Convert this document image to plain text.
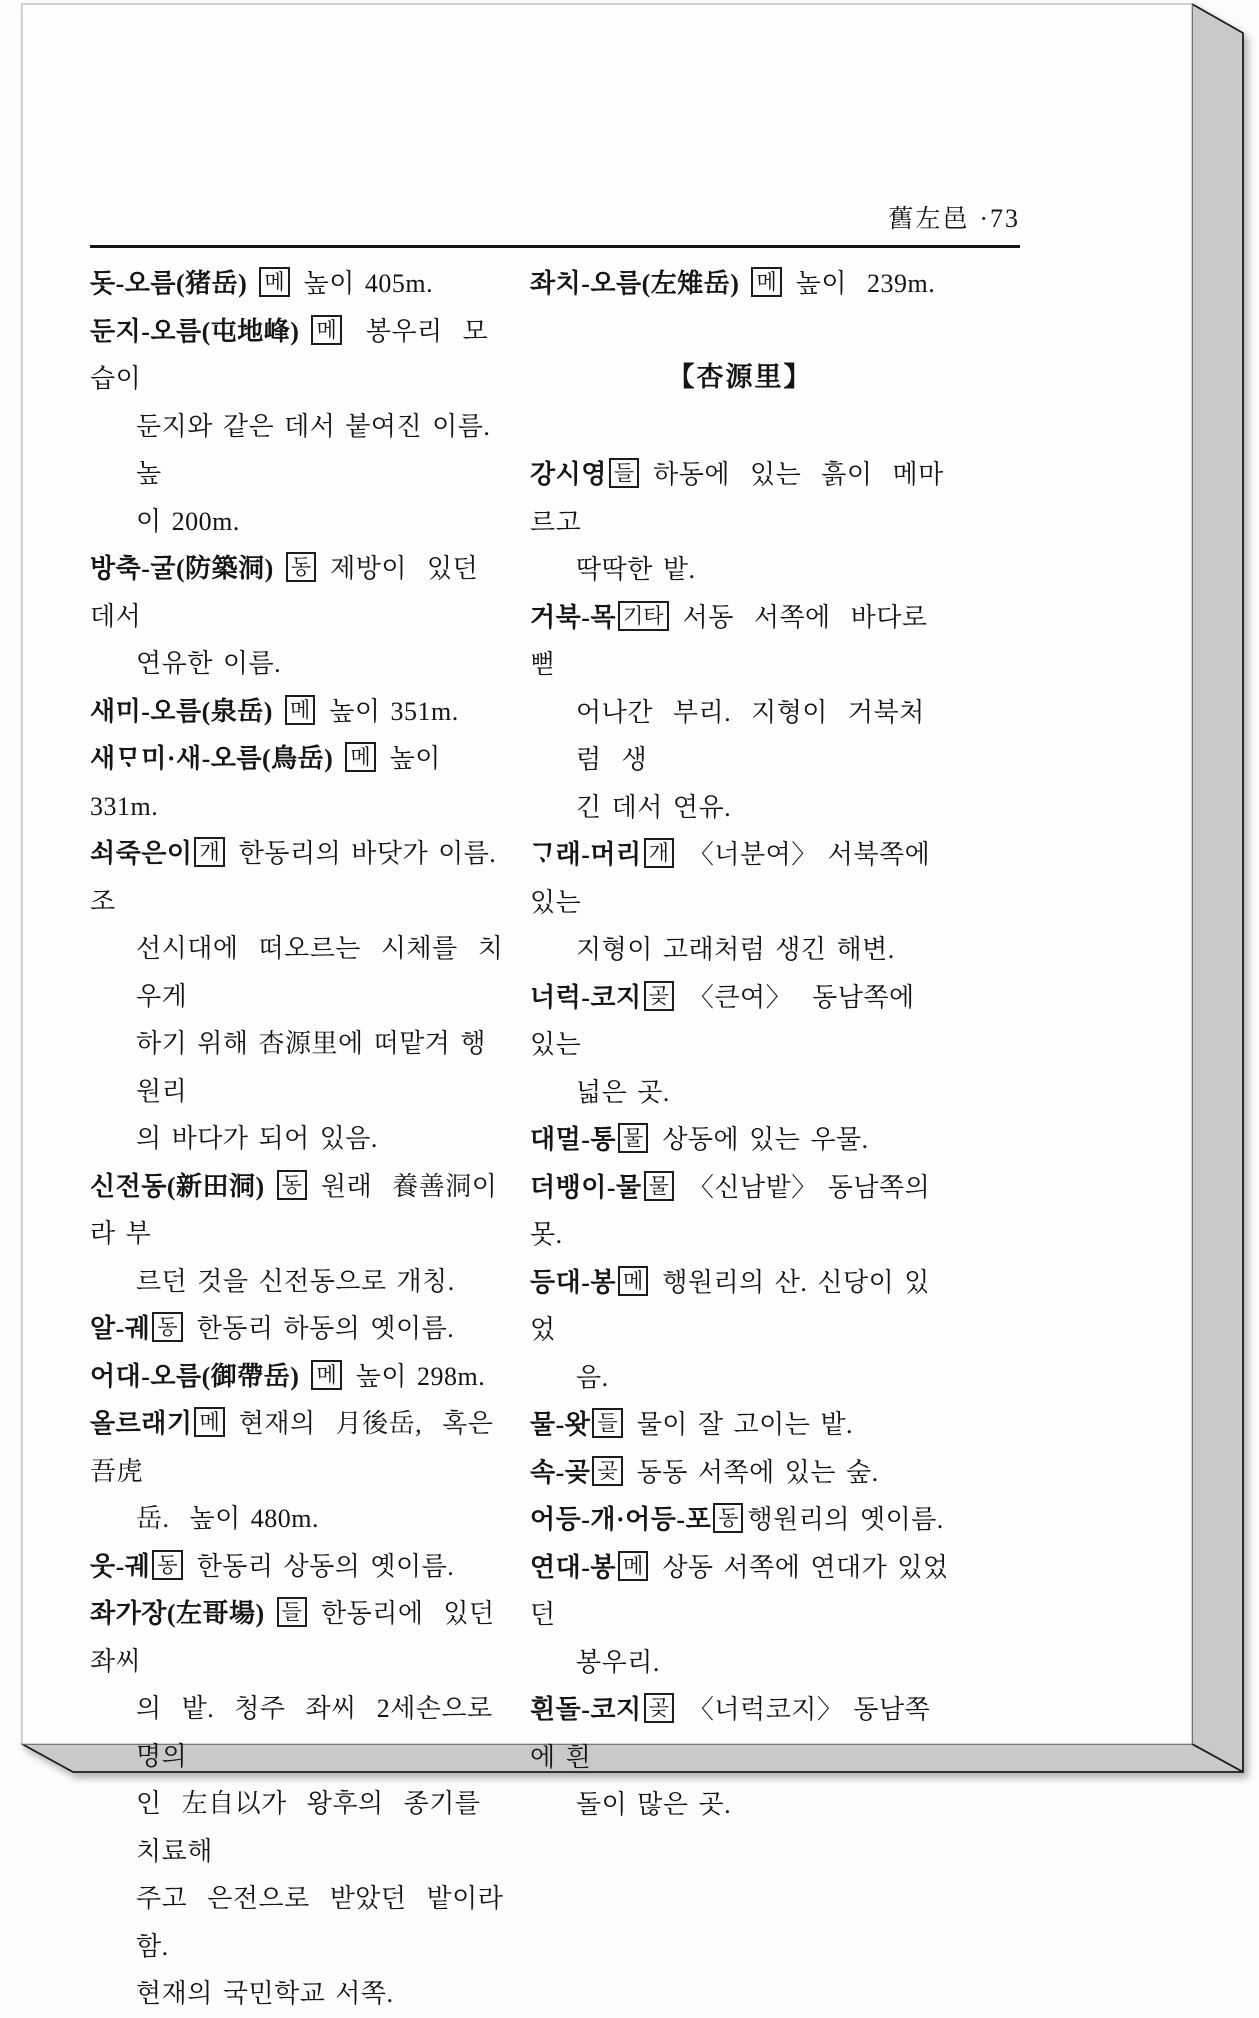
舊左邑 ·73
돗-오름(猪岳) 메 높이 405m.
둔지-오름(屯地峰) 메  봉우리  모습이
둔지와 같은 데서 붙여진 이름. 높
이 200m.
방축-굴(防築洞) 동 제방이  있던  데서
연유한 이름.
새미-오름(泉岳) 메 높이 351m.
새ᄆᆞ미·새-오름(鳥岳) 메 높이 331m.
쇠죽은이 개 한동리의 바닷가 이름. 조
선시대에  떠오르는  시체를  치우게
하기 위해 杏源里에 떠맡겨 행원리
의 바다가 되어 있음.
신전동(新田洞) 동 원래  養善洞이라 부
르던 것을 신전동으로 개칭.
알-궤 동 한동리 하동의 옛이름.
어대-오름(御帶岳) 메 높이 298m.
올르래기 메 현재의  月後岳,  혹은  吾虎
岳.  높이 480m.
웃-궤 동 한동리 상동의 옛이름.
좌가장(左哥場) 들 한동리에  있던  좌씨
의  밭.  청주  좌씨  2세손으로  명의
인  左自以가  왕후의  종기를  치료해
주고  은전으로  받았던  밭이라  함.
현재의 국민학교 서쪽.
좌치-오름(左雉岳) 메 높이  239m.
【杏源里】
강시영 들 하동에  있는  흙이  메마르고
딱딱한 밭.
거북-목 기타 서동  서쪽에  바다로  뻗
어나간  부리.  지형이  거북처럼  생
긴 데서 연유.
ᄀᆞ래-머리 개 〈너분여〉 서북쪽에 있는
지형이 고래처럼 생긴 해변.
너럭-코지 곶 〈큰여〉  동남쪽에   있는
넓은 곳.
대멀-통 물 상동에 있는 우물.
더뱅이-물 물 〈신남밭〉 동남쪽의 못.
등대-봉 메 행원리의 산. 신당이 있었
음.
물-왓 들 물이 잘 고이는 밭.
속-곶 곶 동동 서쪽에 있는 숲.
어등-개·어등-포 동 행원리의 옛이름.
연대-봉 메 상동 서쪽에 연대가 있었던
봉우리.
흰돌-코지 곶 〈너럭코지〉 동남쪽에 흰
돌이 많은 곳.
